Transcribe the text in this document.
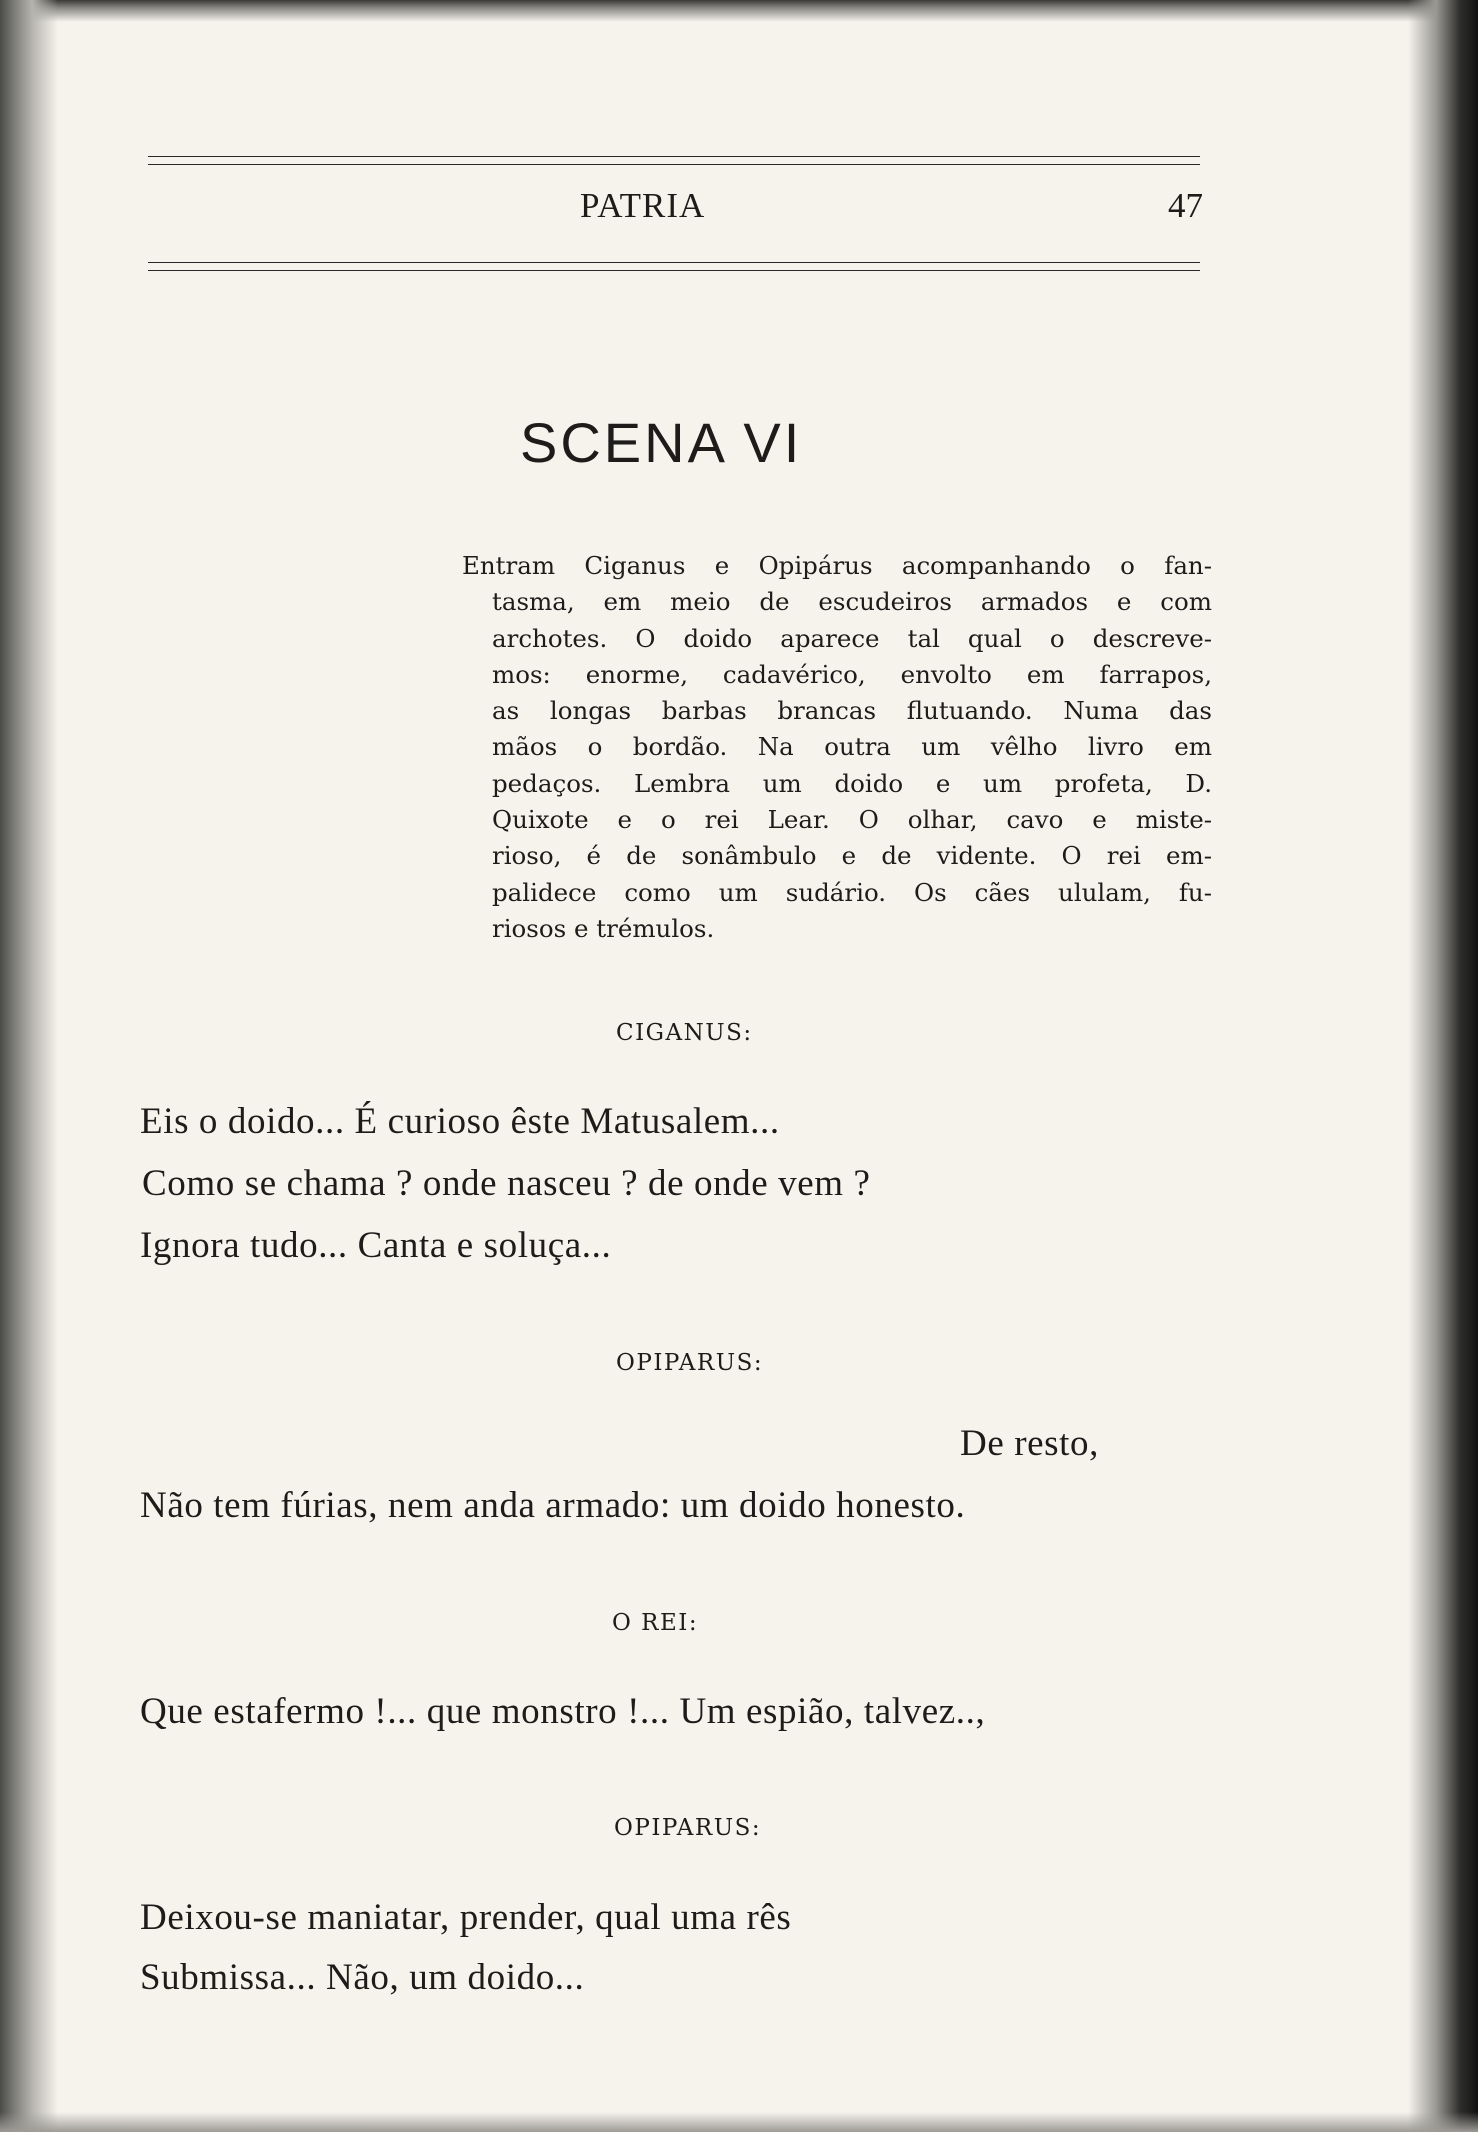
PATRIA	47
SCENA VI
Entram Ciganus e Opipárus acompanhando o fan-
tasma, em meio de escudeiros armados e com
archotes. O doido aparece tal qual o descreve-
mos: enorme, cadavérico, envolto em farrapos,
as longas barbas brancas flutuando. Numa das
mãos o bordão. Na outra um vêlho livro em
pedaços. Lembra um doido e um profeta, D.
Quixote e o rei Lear. O olhar, cavo e miste-
rioso, é de sonâmbulo e de vidente. O rei em-
palidece como um sudário. Os cães ululam, fu-
riosos e trémulos.
CIGANUS:
Eis o doido... É curioso êste Matusalem...
Como se chama ? onde nasceu ? de onde vem ?
Ignora tudo... Canta e soluça...
OPIPARUS:
De resto,
Não tem fúrias, nem anda armado: um doido honesto.
O REI:
Que estafermo !... que monstro !... Um espião, talvez..,
OPIPARUS:
Deixou-se maniatar, prender, qual uma rês
Submissa... Não, um doido...
